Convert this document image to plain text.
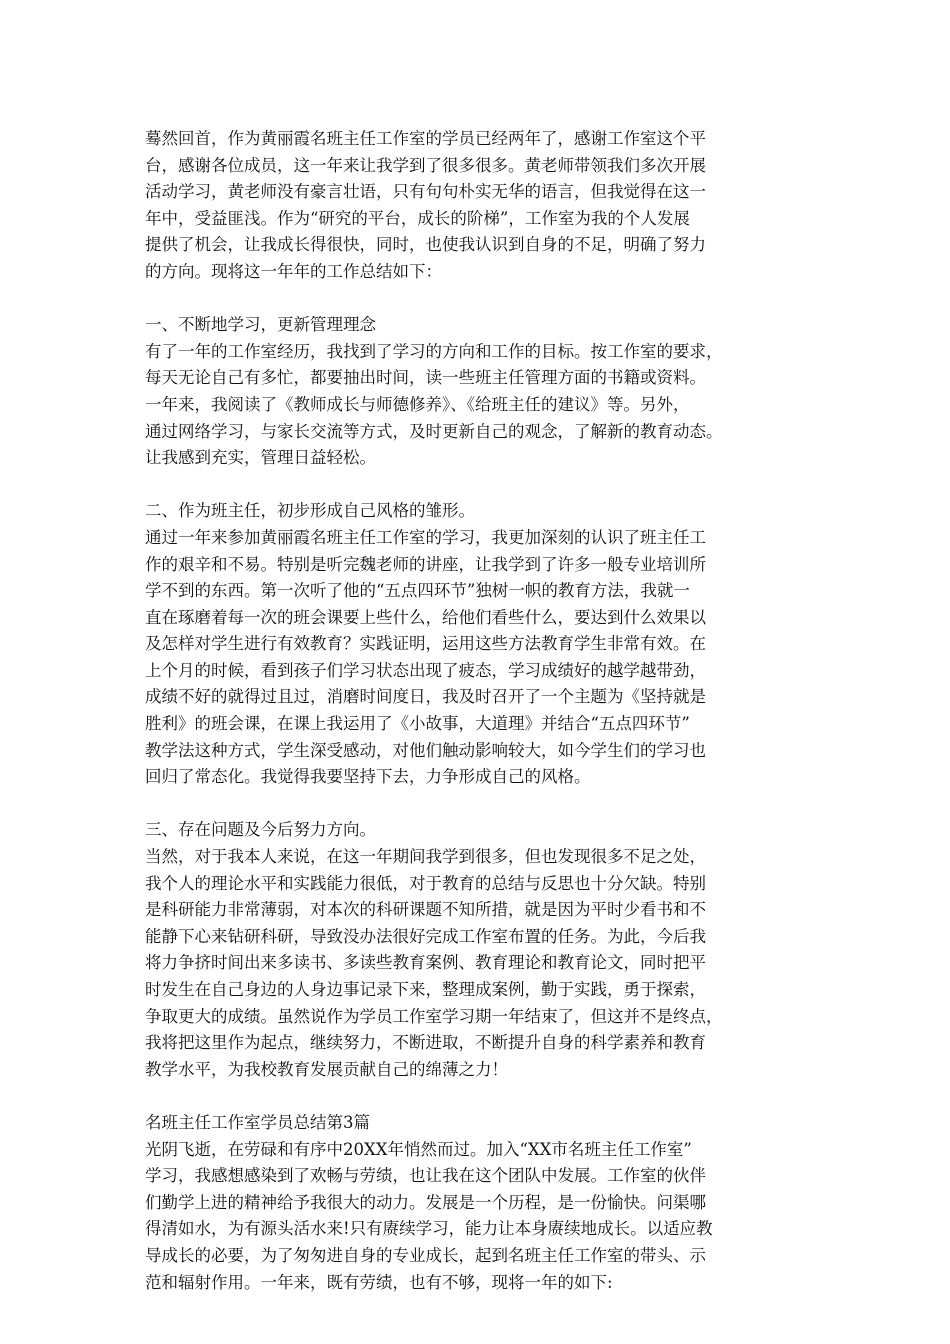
蓦然回首，作为黄丽霞名班主任工作室的学员已经两年了，感谢工作室这个平
台，感谢各位成员，这一年来让我学到了很多很多。黄老师带领我们多次开展
活动学习，黄老师没有豪言壮语，只有句句朴实无华的语言，但我觉得在这一
年中，受益匪浅。作为“研究的平台，成长的阶梯”，工作室为我的个人发展
提供了机会，让我成长得很快，同时，也使我认识到自身的不足，明确了努力
的方向。现将这一年年的工作总结如下：
一、不断地学习，更新管理理念
有了一年的工作室经历，我找到了学习的方向和工作的目标。按工作室的要求，
每天无论自己有多忙，都要抽出时间，读一些班主任管理方面的书籍或资料。
一年来，我阅读了《教师成长与师德修养》、《给班主任的建议》等。另外，
通过网络学习，与家长交流等方式，及时更新自己的观念，了解新的教育动态。
让我感到充实，管理日益轻松。
二、作为班主任，初步形成自己风格的雏形。
通过一年来参加黄丽霞名班主任工作室的学习，我更加深刻的认识了班主任工
作的艰辛和不易。特别是听完魏老师的讲座，让我学到了许多一般专业培训所
学不到的东西。第一次听了他的“五点四环节”独树一帜的教育方法，我就一
直在琢磨着每一次的班会课要上些什么，给他们看些什么，要达到什么效果以
及怎样对学生进行有效教育？实践证明，运用这些方法教育学生非常有效。在
上个月的时候，看到孩子们学习状态出现了疲态，学习成绩好的越学越带劲，
成绩不好的就得过且过，消磨时间度日，我及时召开了一个主题为《坚持就是
胜利》的班会课，在课上我运用了《小故事，大道理》并结合“五点四环节”
教学法这种方式，学生深受感动，对他们触动影响较大，如今学生们的学习也
回归了常态化。我觉得我要坚持下去，力争形成自己的风格。
三、存在问题及今后努力方向。
当然，对于我本人来说，在这一年期间我学到很多，但也发现很多不足之处，
我个人的理论水平和实践能力很低，对于教育的总结与反思也十分欠缺。特别
是科研能力非常薄弱，对本次的科研课题不知所措，就是因为平时少看书和不
能静下心来钻研科研，导致没办法很好完成工作室布置的任务。为此，今后我
将力争挤时间出来多读书、多读些教育案例、教育理论和教育论文，同时把平
时发生在自己身边的人身边事记录下来，整理成案例，勤于实践，勇于探索，
争取更大的成绩。虽然说作为学员工作室学习期一年结束了，但这并不是终点，
我将把这里作为起点，继续努力，不断进取，不断提升自身的科学素养和教育
教学水平，为我校教育发展贡献自己的绵薄之力！
名班主任工作室学员总结第3篇
光阴飞逝，在劳碌和有序中20XX年悄然而过。加入“XX市名班主任工作室”
学习，我感想感染到了欢畅与劳绩，也让我在这个团队中发展。工作室的伙伴
们勤学上进的精神给予我很大的动力。发展是一个历程，是一份愉快。问渠哪
得清如水，为有源头活水来!只有赓续学习，能力让本身赓续地成长。以适应教
导成长的必要，为了匆匆进自身的专业成长，起到名班主任工作室的带头、示
范和辐射作用。一年来，既有劳绩，也有不够，现将一年的如下:
